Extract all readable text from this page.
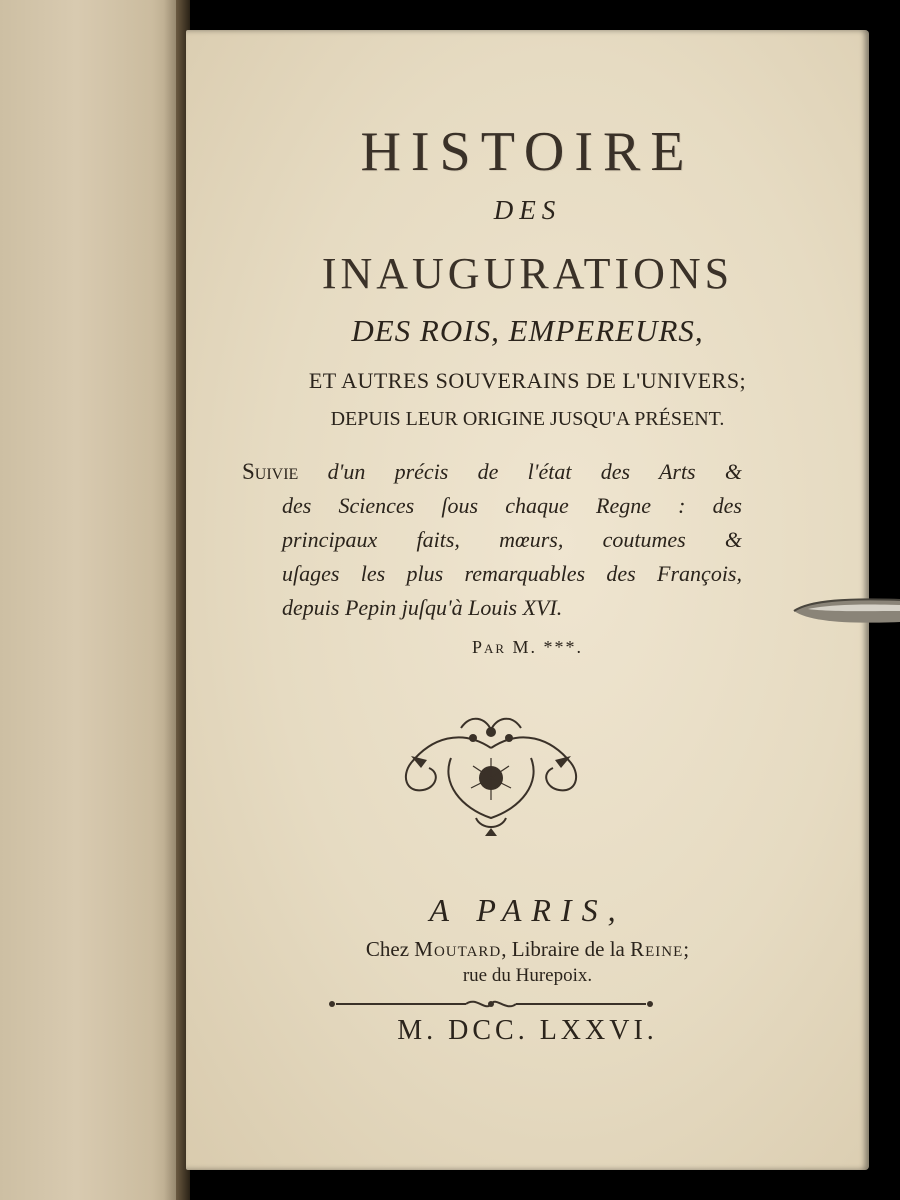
HISTOIRE
DES
INAUGURATIONS
DES ROIS, EMPEREURS,
ET AUTRES SOUVERAINS DE L'UNIVERS;
DEPUIS LEUR ORIGINE JUSQU'A PRÉSENT.
Suivie d'un précis de l'état des Arts &
des Sciences ſous chaque Regne : des
principaux faits, mœurs, coutumes &
uſages les plus remarquables des François,
depuis Pepin juſqu'à Louis XVI.
Par M. ***.
A PARIS,
Chez Moutard, Libraire de la Reine;
rue du Hurepoix.
M. DCC. LXXVI.
